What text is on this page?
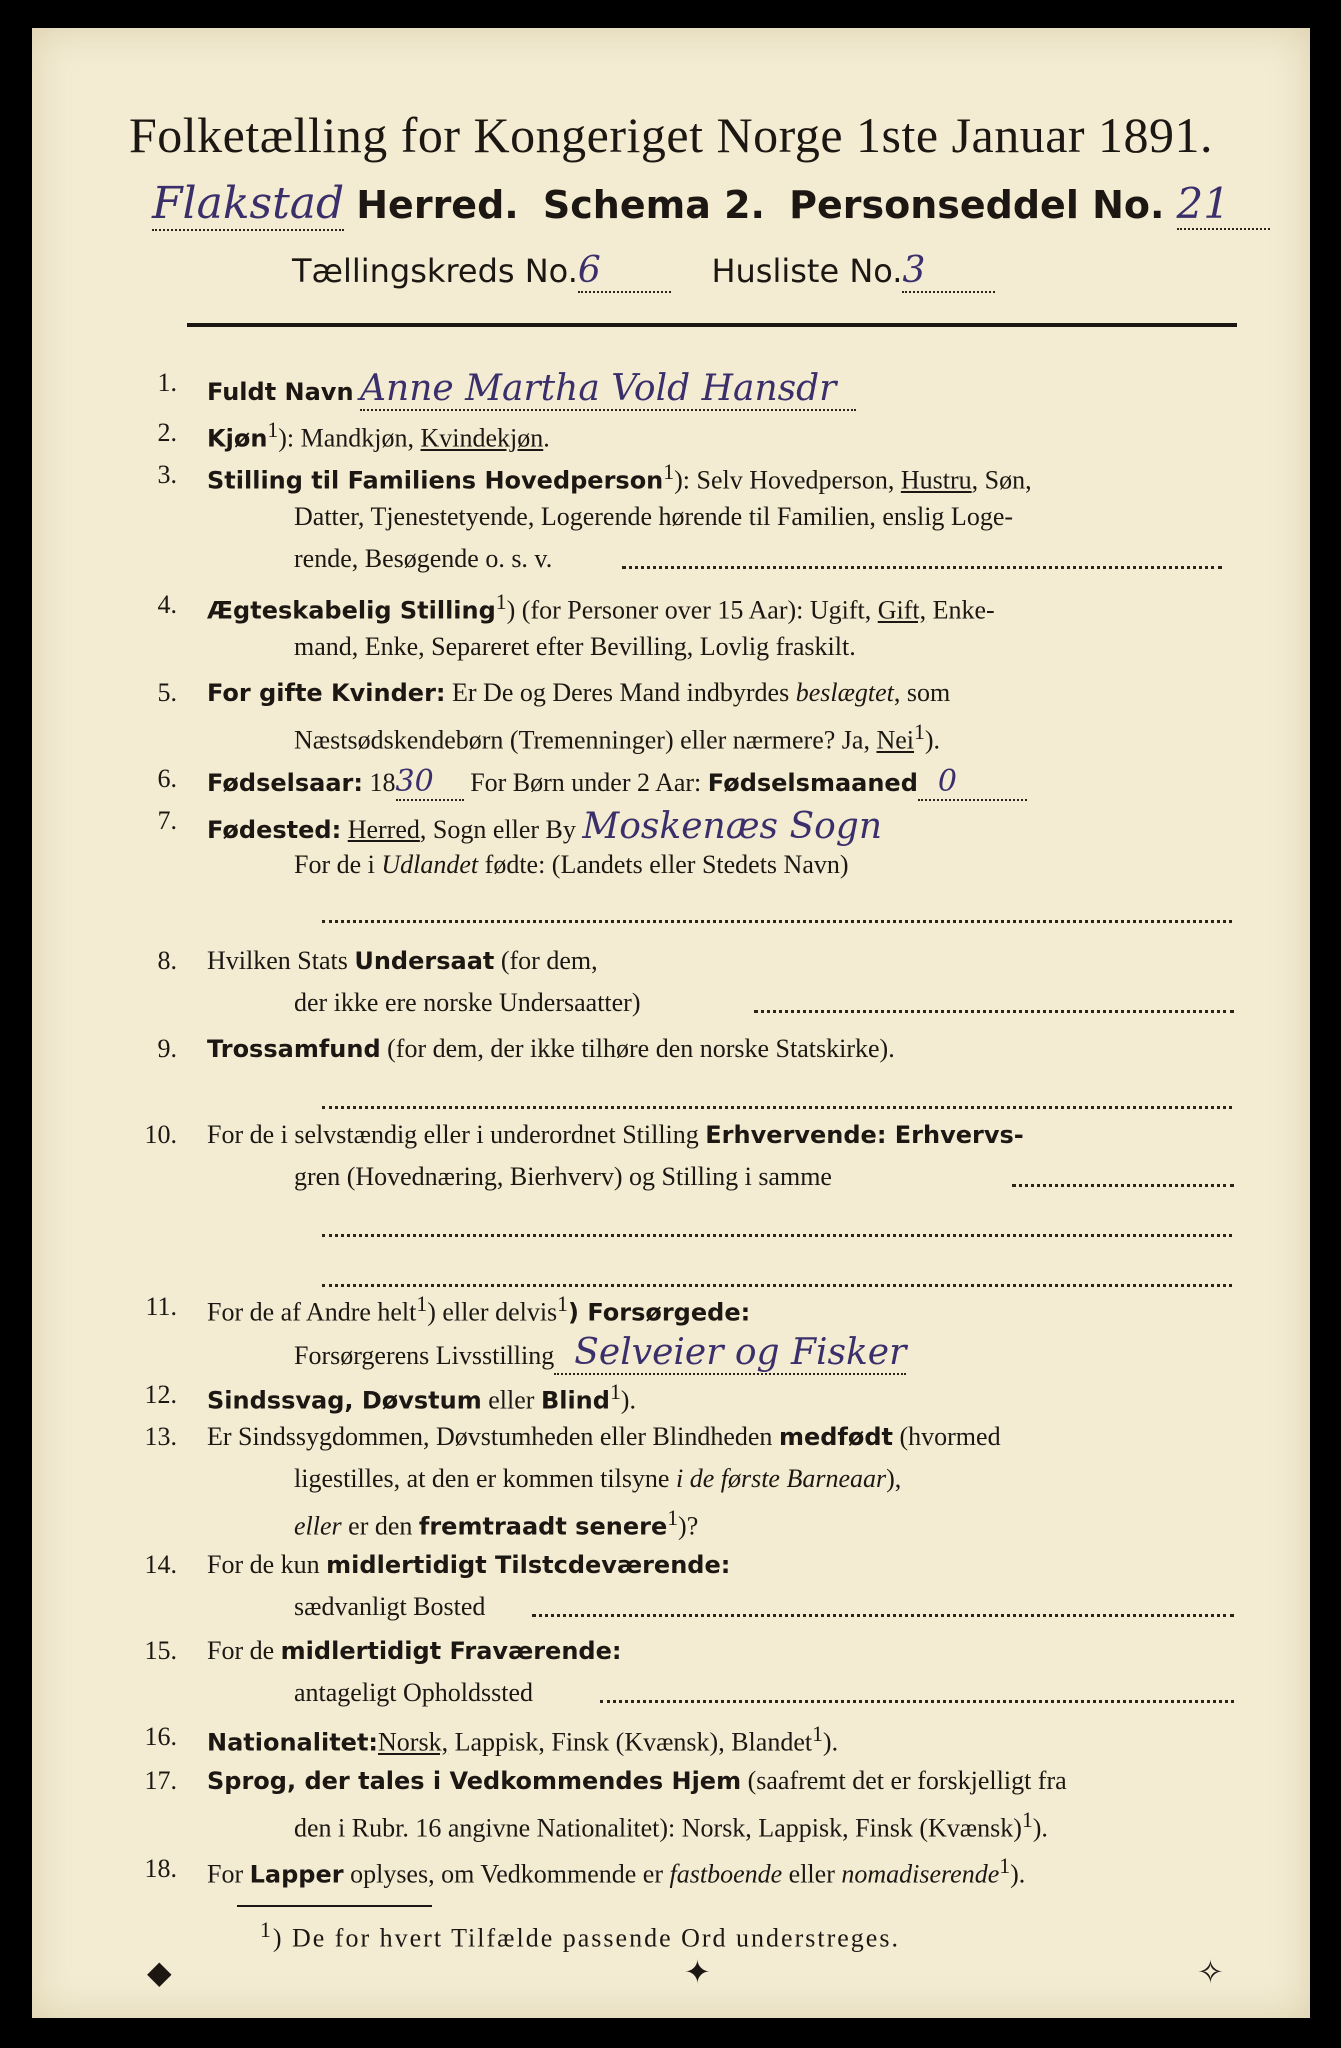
Folketælling for Kongeriget Norge 1ste Januar 1891.
Flakstad Herred. Schema 2. Personseddel No. 21
Tællingskreds No.6	Husliste No.3
1. Fuldt Navn Anne Martha Vold Hansdr
2. Kjøn$^1$): Mandkjøn, Kvindekjøn.
3. Stilling til Familiens Hovedperson$^1$): Selv Hovedperson, Hustru, Søn,
Datter, Tjenestetyende, Logerende hørende til Familien, enslig Loge-
rende, Besøgende o. s. v.
4. Ægteskabelig Stilling$^1$) (for Personer over 15 Aar): Ugift, Gift, Enke-
mand, Enke, Separeret efter Bevilling, Lovlig fraskilt.
5. For gifte Kvinder: Er De og Deres Mand indbyrdes beslægtet, som
Næstsødskendebørn (Tremenninger) eller nærmere? Ja, Nei$^1$).
6. Fødselsaar: 1830 For Børn under 2 Aar: Fødselsmaaned 0
7. Fødested: Herred, Sogn eller By Moskenæs Sogn
For de i Udlandet fødte: (Landets eller Stedets Navn)
8. Hvilken Stats Undersaat (for dem,
der ikke ere norske Undersaatter)
9. Trossamfund (for dem, der ikke tilhøre den norske Statskirke).
10. For de i selvstændig eller i underordnet Stilling Erhvervende: Erhvervs-
gren (Hovednæring, Bierhverv) og Stilling i samme
11. For de af Andre helt$^1$) eller delvis$^1$) Forsørgede:
Forsørgerens Livsstilling Selveier og Fisker
12. Sindssvag, Døvstum eller Blind$^1$).
13. Er Sindssygdommen, Døvstumheden eller Blindheden medfødt (hvormed
ligestilles, at den er kommen tilsyne i de første Barneaar),
eller er den fremtraadt senere$^1$)?
14. For de kun midlertidigt Tilstcdeværende:
sædvanligt Bosted
15. For de midlertidigt Fraværende:
antageligt Opholdssted
16. Nationalitet:Norsk, Lappisk, Finsk (Kvænsk), Blandet$^1$).
17. Sprog, der tales i Vedkommendes Hjem (saafremt det er forskjelligt fra
den i Rubr. 16 angivne Nationalitet): Norsk, Lappisk, Finsk (Kvænsk)$^1$).
18. For Lapper oplyses, om Vedkommende er fastboende eller nomadiserende$^1$).
$^1$) De for hvert Tilfælde passende Ord understreges.
◆	✦	✧
